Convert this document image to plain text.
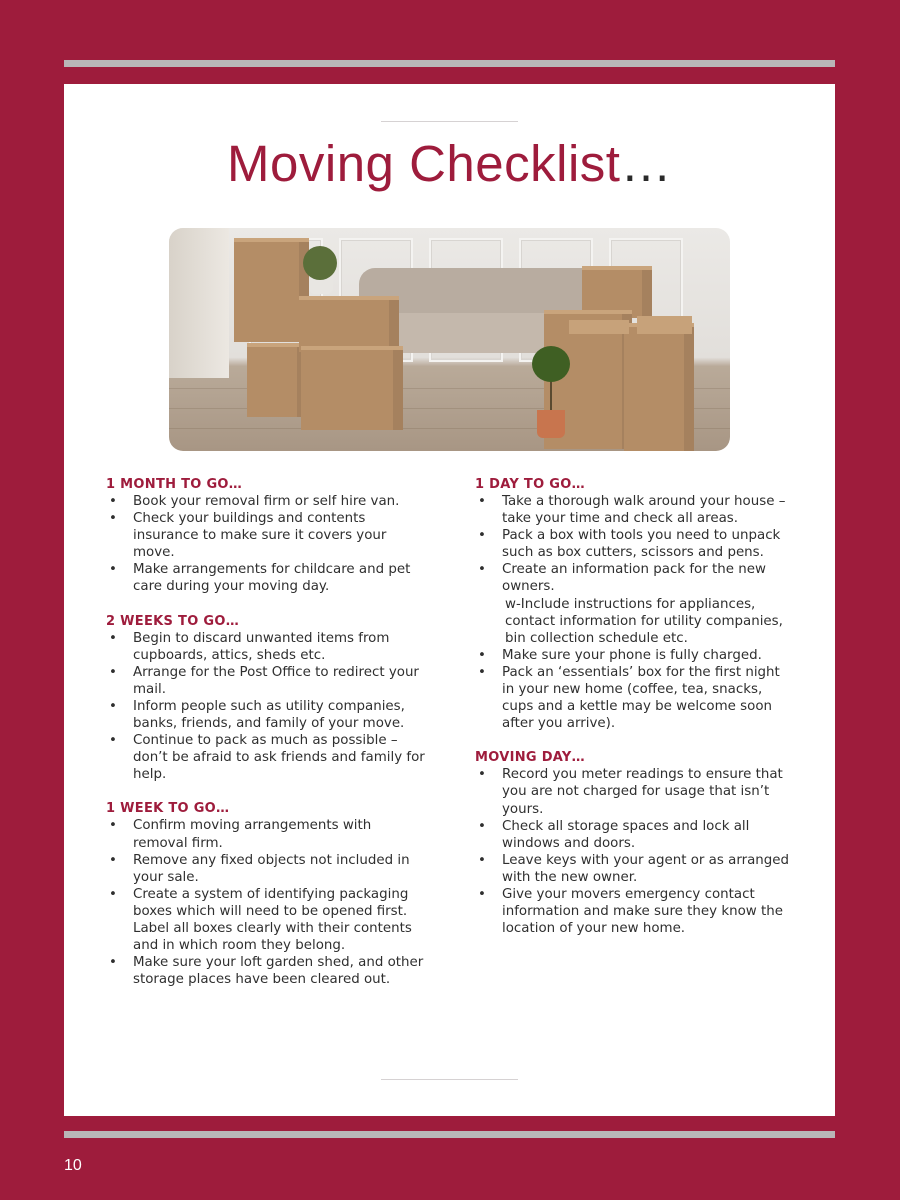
Moving Checklist…
1 MONTH TO GO…
• Book your removal firm or self hire van.
• Check your buildings and contents insurance to make sure it covers your move.
• Make arrangements for childcare and pet care during your moving day.
2 WEEKS TO GO…
• Begin to discard unwanted items from cupboards, attics, sheds etc.
• Arrange for the Post Office to redirect your mail.
• Inform people such as utility companies, banks, friends, and family of your move.
• Continue to pack as much as possible – don’t be afraid to ask friends and family for help.
1 WEEK TO GO…
• Confirm moving arrangements with removal firm.
• Remove any fixed objects not included in your sale.
• Create a system of identifying packaging boxes which will need to be opened first. Label all boxes clearly with their contents and in which room they belong.
• Make sure your loft garden shed, and other storage places have been cleared out.
1 DAY TO GO…
• Take a thorough walk around your house – take your time and check all areas.
• Pack a box with tools you need to unpack such as box cutters, scissors and pens.
• Create an information pack for the new owners.
w-Include instructions for appliances, contact information for utility companies, bin collection schedule etc.
• Make sure your phone is fully charged.
• Pack an ‘essentials’ box for the first night in your new home (coffee, tea, snacks, cups and a kettle may be welcome soon after you arrive).
MOVING DAY…
• Record you meter readings to ensure that you are not charged for usage that isn’t yours.
• Check all storage spaces and lock all windows and doors.
• Leave keys with your agent or as arranged with the new owner.
• Give your movers emergency contact information and make sure they know the location of your new home.
10
